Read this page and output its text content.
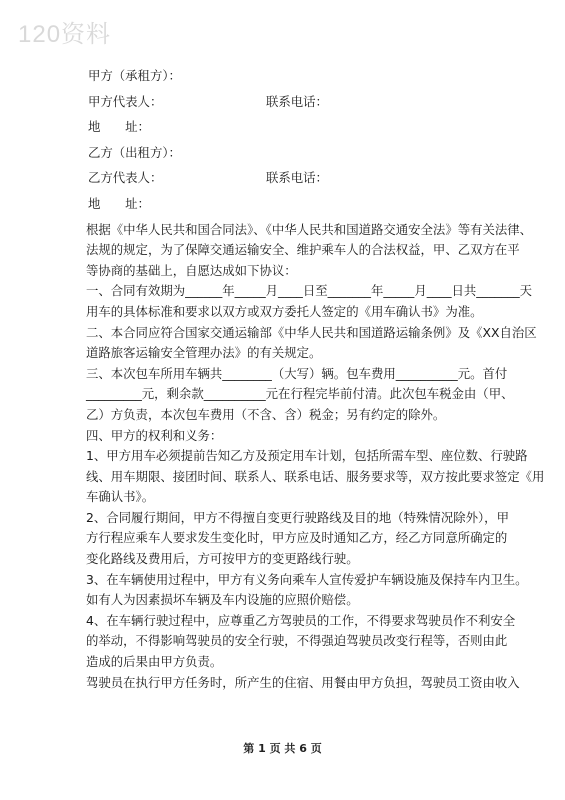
120资料

甲方（承租方）：

甲方代表人：	联系电话：

地　　址：

乙方（出租方）：

乙方代表人：	联系电话：

地　　址：

根据《中华人民共和国合同法》、《中华人民共和国道路交通安全法》等有关法律、

法规的规定，为了保障交通运输安全、维护乘车人的合法权益，甲、乙双方在平

等协商的基础上，自愿达成如下协议：

一、合同有效期为______年_____月____日至_______年_____月____日共_______天

用车的具体标准和要求以双方或双方委托人签定的《用车确认书》为准。

二、本合同应符合国家交通运输部《中华人民共和国道路运输条例》及《XX自治区

道路旅客运输安全管理办法》的有关规定。

三、本次包车所用车辆共________（大写）辆。包车费用__________元。首付

_________元，剩余款__________元在行程完毕前付清。此次包车税金由（甲、

乙）方负责，本次包车费用（不含、含）税金；另有约定的除外。

四、甲方的权利和义务：

1、甲方用车必须提前告知乙方及预定用车计划，包括所需车型、座位数、行驶路

线、用车期限、接团时间、联系人、联系电话、服务要求等，双方按此要求签定《用

车确认书》。

2、合同履行期间，甲方不得擅自变更行驶路线及目的地（特殊情况除外），甲

方行程应乘车人要求发生变化时，甲方应及时通知乙方，经乙方同意所确定的

变化路线及费用后，方可按甲方的变更路线行驶。

3、在车辆使用过程中，甲方有义务向乘车人宣传爱护车辆设施及保持车内卫生。

如有人为因素损坏车辆及车内设施的应照价赔偿。

4、在车辆行驶过程中，应尊重乙方驾驶员的工作，不得要求驾驶员作不利安全

的举动，不得影响驾驶员的安全行驶，不得强迫驾驶员改变行程等，否则由此

造成的后果由甲方负责。

驾驶员在执行甲方任务时，所产生的住宿、用餐由甲方负担，驾驶员工资由收入

第 1 页 共 6 页
